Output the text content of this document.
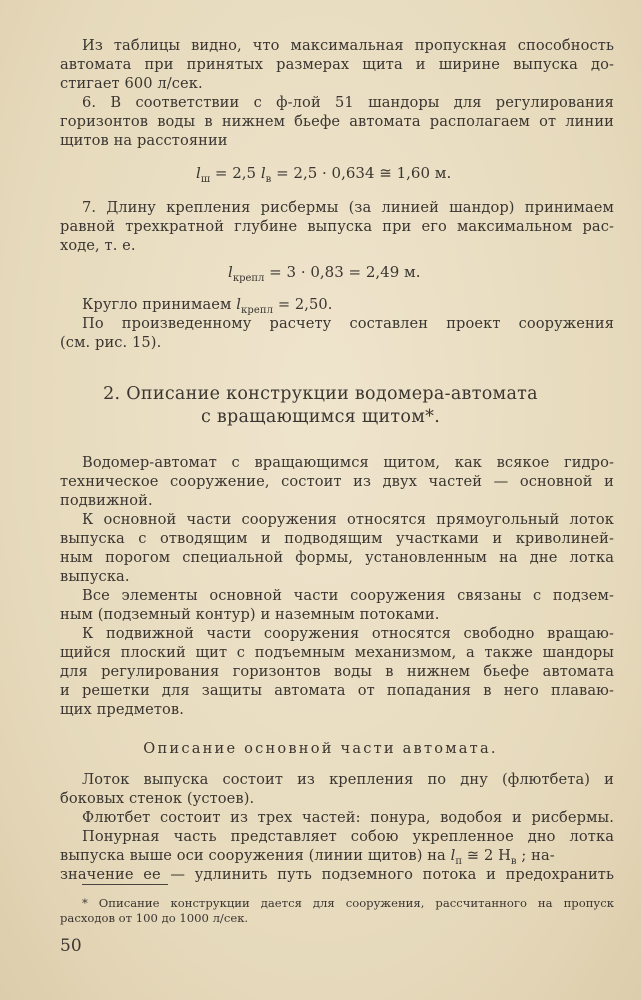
Из таблицы видно, что максимальная пропускная способность
автомата при принятых размерах щита и ширине выпуска до-
стигает 600 л/сек.
6. В соответствии с ф-лой 51 шандоры для регулирования
горизонтов воды в нижнем бьефе автомата располагаем от линии
щитов на расстоянии
$l_ш = 2,5$ $l_в = 2,5 \cdot 0,634$ ≅ 1,60 м.
7. Длину крепления рисбермы (за линией шандор) принимаем
равной трехкратной глубине выпуска при его максимальном рас-
ходе, т. е.
$l_{крепл} = 3 \cdot 0,83 = 2,49$ м.
Кругло принимаем $l_{крепл} = 2,50$.
По произведенному расчету составлен проект сооружения
(см. рис. 15).
2. Описание конструкции водомера-автомата
с вращающимся щитом*.
Водомер-автомат с вращающимся щитом, как всякое гидро-
техническое сооружение, состоит из двух частей — основной и
подвижной.
К основной части сооружения относятся прямоугольный лоток
выпуска с отводящим и подводящим участками и криволиней-
ным порогом специальной формы, установленным на дне лотка
выпуска.
Все элементы основной части сооружения связаны с подзем-
ным (подземный контур) и наземным потоками.
К подвижной части сооружения относятся свободно вращаю-
щийся плоский щит с подъемным механизмом, а также шандоры
для регулирования горизонтов воды в нижнем бьефе автомата
и решетки для защиты автомата от попадания в него плаваю-
щих предметов.
Описание основной части автомата.
Лоток выпуска состоит из крепления по дну (флютбета) и
боковых стенок (устоев).
Флютбет состоит из трех частей: понура, водобоя и рисбермы.
Понурная часть представляет собою укрепленное дно лотка
выпуска выше оси сооружения (линии щитов) на $l_п$ ≅ 2 $H_в$ ; на-
значение ее — удлинить путь подземного потока и предохранить
* Описание конструкции дается для сооружения, рассчитанного на пропуск
расходов от 100 до 1000 л/сек.
50
